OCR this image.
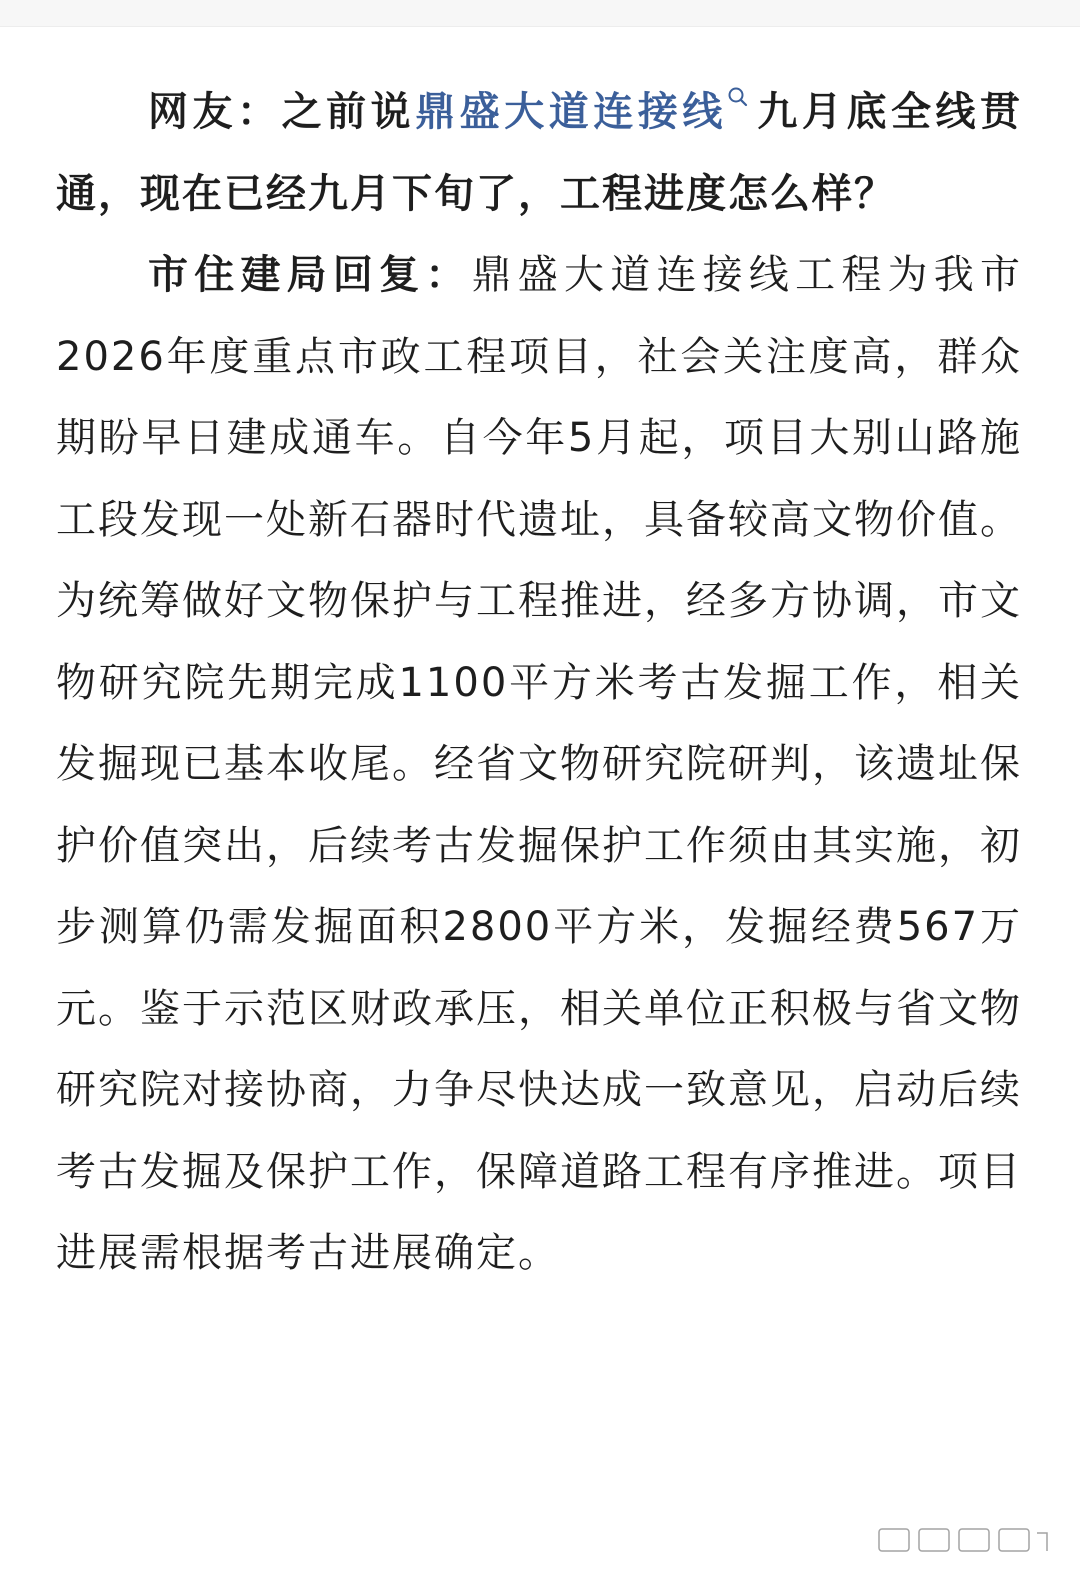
网友：之前说鼎盛大道连接线 九月底全线贯通，现在已经九月下旬了，工程进度怎么样？

市住建局回复：鼎盛大道连接线工程为我市2026年度重点市政工程项目，社会关注度高，群众期盼早日建成通车。自今年5月起，项目大别山路施工段发现一处新石器时代遗址，具备较高文物价值。为统筹做好文物保护与工程推进，经多方协调，市文物研究院先期完成1100平方米考古发掘工作，相关发掘现已基本收尾。经省文物研究院研判，该遗址保护价值突出，后续考古发掘保护工作须由其实施，初步测算仍需发掘面积2800平方米，发掘经费567万元。鉴于示范区财政承压，相关单位正积极与省文物研究院对接协商，力争尽快达成一致意见，启动后续考古发掘及保护工作，保障道路工程有序推进。项目进展需根据考古进展确定。
